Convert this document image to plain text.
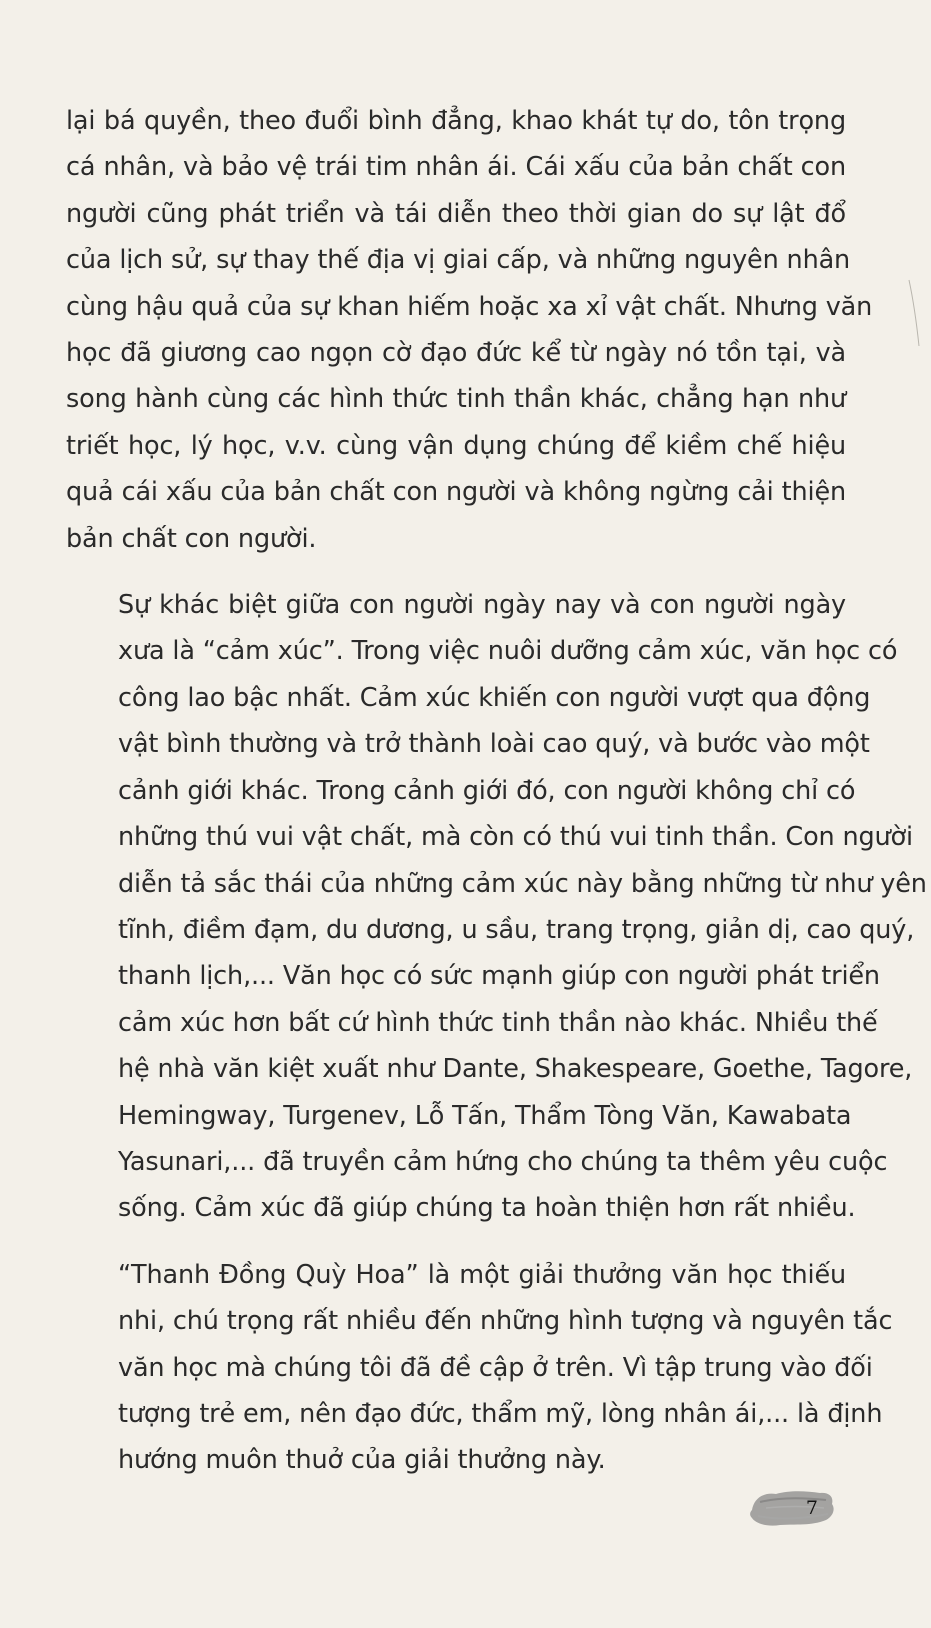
lại bá quyền, theo đuổi bình đẳng, khao khát tự do, tôn trọng
cá nhân, và bảo vệ trái tim nhân ái. Cái xấu của bản chất con
người cũng phát triển và tái diễn theo thời gian do sự lật đổ
của lịch sử, sự thay thế địa vị giai cấp, và những nguyên nhân
cùng hậu quả của sự khan hiếm hoặc xa xỉ vật chất. Nhưng văn
học đã giương cao ngọn cờ đạo đức kể từ ngày nó tồn tại, và
song hành cùng các hình thức tinh thần khác, chẳng hạn như
triết học, lý học, v.v. cùng vận dụng chúng để kiềm chế hiệu
quả cái xấu của bản chất con người và không ngừng cải thiện
bản chất con người.

Sự khác biệt giữa con người ngày nay và con người ngày
xưa là “cảm xúc”. Trong việc nuôi dưỡng cảm xúc, văn học có
công lao bậc nhất. Cảm xúc khiến con người vượt qua động
vật bình thường và trở thành loài cao quý, và bước vào một
cảnh giới khác. Trong cảnh giới đó, con người không chỉ có
những thú vui vật chất, mà còn có thú vui tinh thần. Con người
diễn tả sắc thái của những cảm xúc này bằng những từ như yên
tĩnh, điềm đạm, du dương, u sầu, trang trọng, giản dị, cao quý,
thanh lịch,... Văn học có sức mạnh giúp con người phát triển
cảm xúc hơn bất cứ hình thức tinh thần nào khác. Nhiều thế
hệ nhà văn kiệt xuất như Dante, Shakespeare, Goethe, Tagore,
Hemingway, Turgenev, Lỗ Tấn, Thẩm Tòng Văn, Kawabata
Yasunari,... đã truyền cảm hứng cho chúng ta thêm yêu cuộc
sống. Cảm xúc đã giúp chúng ta hoàn thiện hơn rất nhiều.

“Thanh Đồng Quỳ Hoa” là một giải thưởng văn học thiếu
nhi, chú trọng rất nhiều đến những hình tượng và nguyên tắc
văn học mà chúng tôi đã đề cập ở trên. Vì tập trung vào đối
tượng trẻ em, nên đạo đức, thẩm mỹ, lòng nhân ái,... là định
hướng muôn thuở của giải thưởng này.

7
